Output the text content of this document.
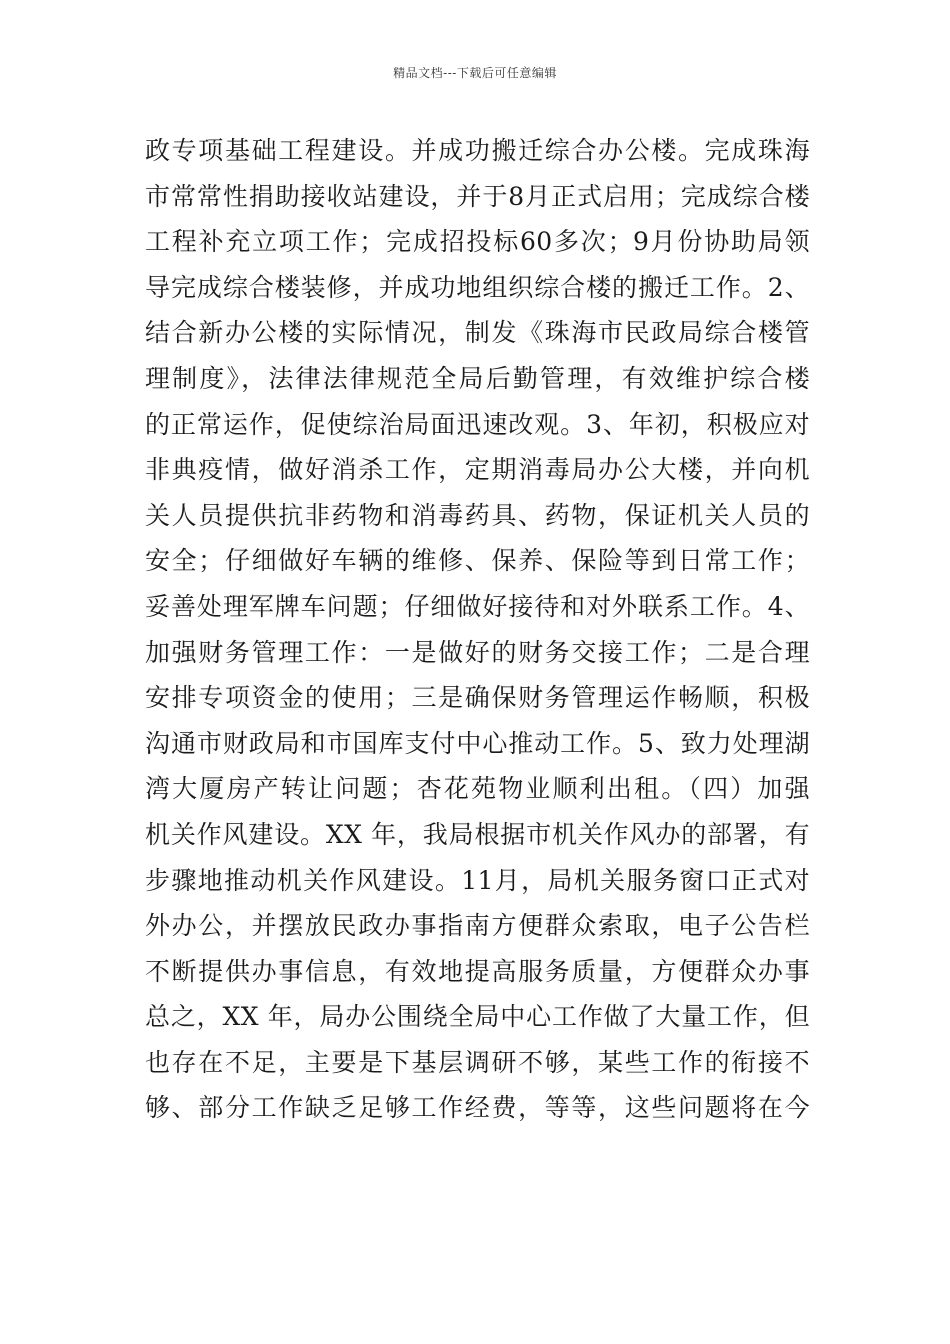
精品文档---下载后可任意编辑
政专项基础工程建设。并成功搬迁综合办公楼。完成珠海
市常常性捐助接收站建设，并于8月正式启用；完成综合楼
工程补充立项工作；完成招投标60多次；9月份协助局领
导完成综合楼装修，并成功地组织综合楼的搬迁工作。2、
结合新办公楼的实际情况，制发《珠海市民政局综合楼管
理制度》，法律法律规范全局后勤管理，有效维护综合楼
的正常运作，促使综治局面迅速改观。3、年初，积极应对
非典疫情，做好消杀工作，定期消毒局办公大楼，并向机
关人员提供抗非药物和消毒药具、药物，保证机关人员的
安全；仔细做好车辆的维修、保养、保险等到日常工作；
妥善处理军牌车问题；仔细做好接待和对外联系工作。4、
加强财务管理工作：一是做好的财务交接工作；二是合理
安排专项资金的使用；三是确保财务管理运作畅顺，积极
沟通市财政局和市国库支付中心推动工作。5、致力处理湖
湾大厦房产转让问题；杏花苑物业顺利出租。（四）加强
机关作风建设。XX 年，我局根据市机关作风办的部署，有
步骤地推动机关作风建设。11月，局机关服务窗口正式对
外办公，并摆放民政办事指南方便群众索取，电子公告栏
不断提供办事信息，有效地提高服务质量，方便群众办事
总之，XX 年，局办公围绕全局中心工作做了大量工作，但
也存在不足，主要是下基层调研不够，某些工作的衔接不
够、部分工作缺乏足够工作经费，等等，这些问题将在今
